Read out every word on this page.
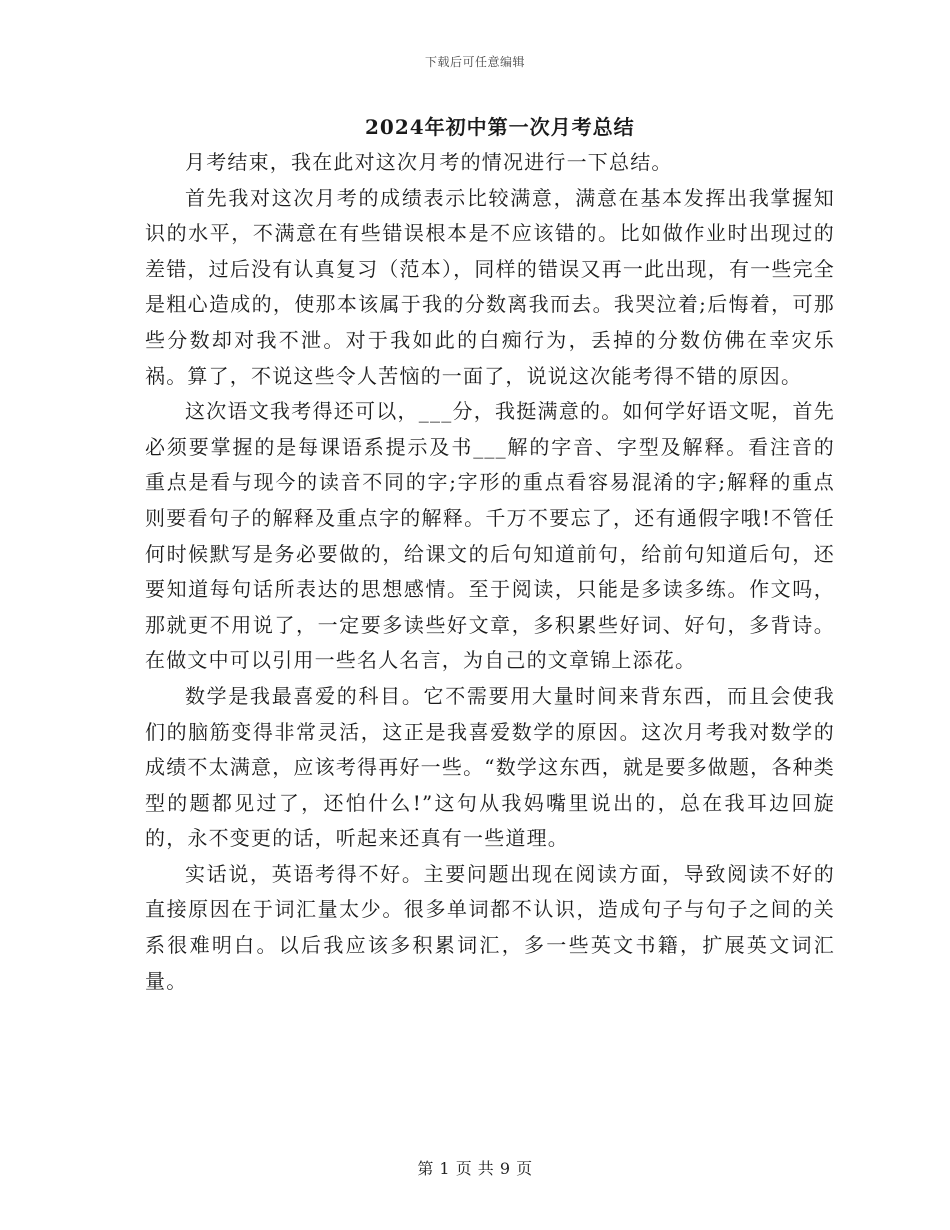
下载后可任意编辑
2024年初中第一次月考总结

月考结束，我在此对这次月考的情况进行一下总结。

首先我对这次月考的成绩表示比较满意，满意在基本发挥出我掌握知识的水平，不满意在有些错误根本是不应该错的。比如做作业时出现过的差错，过后没有认真复习（范本），同样的错误又再一此出现，有一些完全是粗心造成的，使那本该属于我的分数离我而去。我哭泣着;后悔着，可那些分数却对我不泄。对于我如此的白痴行为，丢掉的分数仿佛在幸灾乐祸。算了，不说这些令人苦恼的一面了，说说这次能考得不错的原因。

这次语文我考得还可以，___分，我挺满意的。如何学好语文呢，首先必须要掌握的是每课语系提示及书___解的字音、字型及解释。看注音的重点是看与现今的读音不同的字;字形的重点看容易混淆的字;解释的重点则要看句子的解释及重点字的解释。千万不要忘了，还有通假字哦!不管任何时候默写是务必要做的，给课文的后句知道前句，给前句知道后句，还要知道每句话所表达的思想感情。至于阅读，只能是多读多练。作文吗，那就更不用说了，一定要多读些好文章，多积累些好词、好句，多背诗。在做文中可以引用一些名人名言，为自己的文章锦上添花。

数学是我最喜爱的科目。它不需要用大量时间来背东西，而且会使我们的脑筋变得非常灵活，这正是我喜爱数学的原因。这次月考我对数学的成绩不太满意，应该考得再好一些。“数学这东西，就是要多做题，各种类型的题都见过了，还怕什么!”这句从我妈嘴里说出的，总在我耳边回旋的，永不变更的话，听起来还真有一些道理。

实话说，英语考得不好。主要问题出现在阅读方面，导致阅读不好的直接原因在于词汇量太少。很多单词都不认识，造成句子与句子之间的关系很难明白。以后我应该多积累词汇，多一些英文书籍，扩展英文词汇量。

第 1 页 共 9 页
